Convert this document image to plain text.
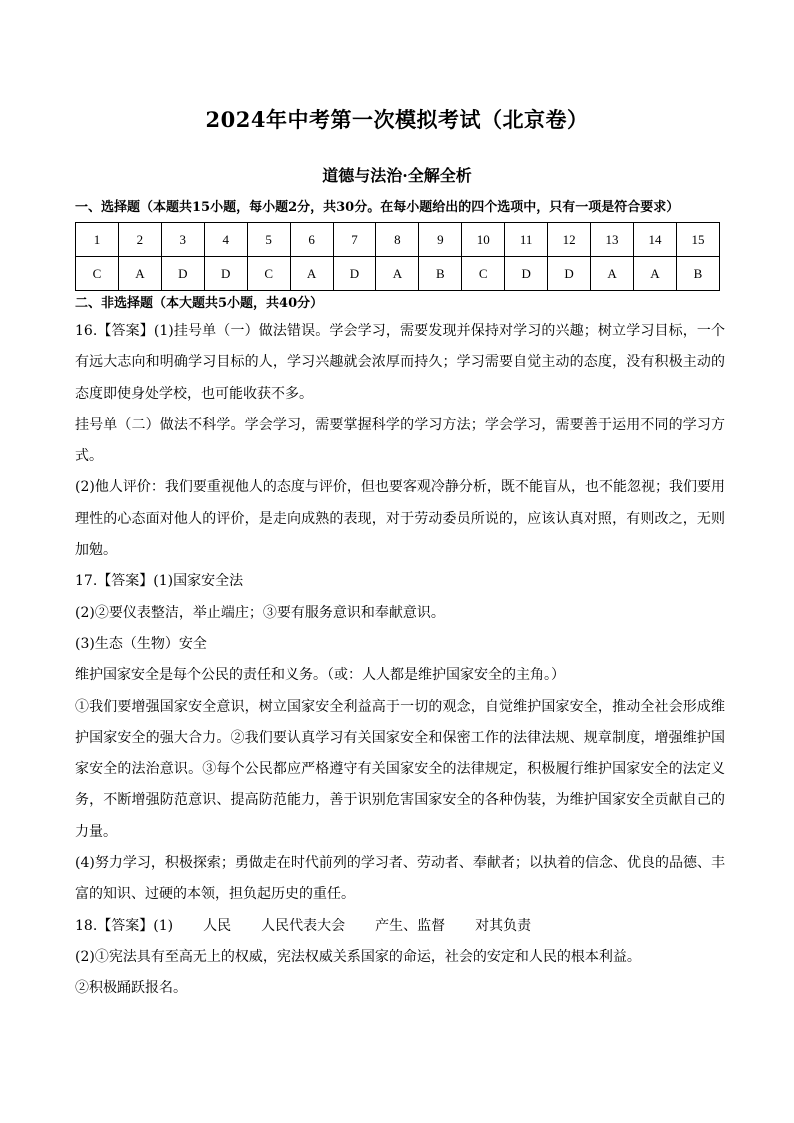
2024年中考第一次模拟考试（北京卷）
道德与法治·全解全析
一、选择题（本题共15小题，每小题2分，共30分。在每小题给出的四个选项中，只有一项是符合要求）
1	2	3	4	5	6	7	8	9	10	11	12	13	14	15
C	A	D	D	C	A	D	A	B	C	D	D	A	A	B
二、非选择题（本大题共5小题，共40分）

16.【答案】(1)挂号单（一）做法错误。学会学习，需要发现并保持对学习的兴趣；树立学习目标，一个有远大志向和明确学习目标的人，学习兴趣就会浓厚而持久；学习需要自觉主动的态度，没有积极主动的态度即使身处学校，也可能收获不多。

挂号单（二）做法不科学。学会学习，需要掌握科学的学习方法；学会学习，需要善于运用不同的学习方式。

(2)他人评价：我们要重视他人的态度与评价，但也要客观冷静分析，既不能盲从，也不能忽视；我们要用理性的心态面对他人的评价，是走向成熟的表现，对于劳动委员所说的，应该认真对照，有则改之，无则加勉。

17.【答案】(1)国家安全法

(2)②要仪表整洁，举止端庄；③要有服务意识和奉献意识。

(3)生态（生物）安全

维护国家安全是每个公民的责任和义务。（或：人人都是维护国家安全的主角。）

①我们要增强国家安全意识，树立国家安全利益高于一切的观念，自觉维护国家安全，推动全社会形成维护国家安全的强大合力。②我们要认真学习有关国家安全和保密工作的法律法规、规章制度，增强维护国家安全的法治意识。③每个公民都应严格遵守有关国家安全的法律规定，积极履行维护国家安全的法定义务，不断增强防范意识、提高防范能力，善于识别危害国家安全的各种伪装，为维护国家安全贡献自己的力量。

(4)努力学习，积极探索；勇做走在时代前列的学习者、劳动者、奉献者；以执着的信念、优良的品德、丰富的知识、过硬的本领，担负起历史的重任。

18.【答案】(1) 人民 人民代表大会 产生、监督 对其负责

(2)①宪法具有至高无上的权威，宪法权威关系国家的命运，社会的安定和人民的根本利益。

②积极踊跃报名。
